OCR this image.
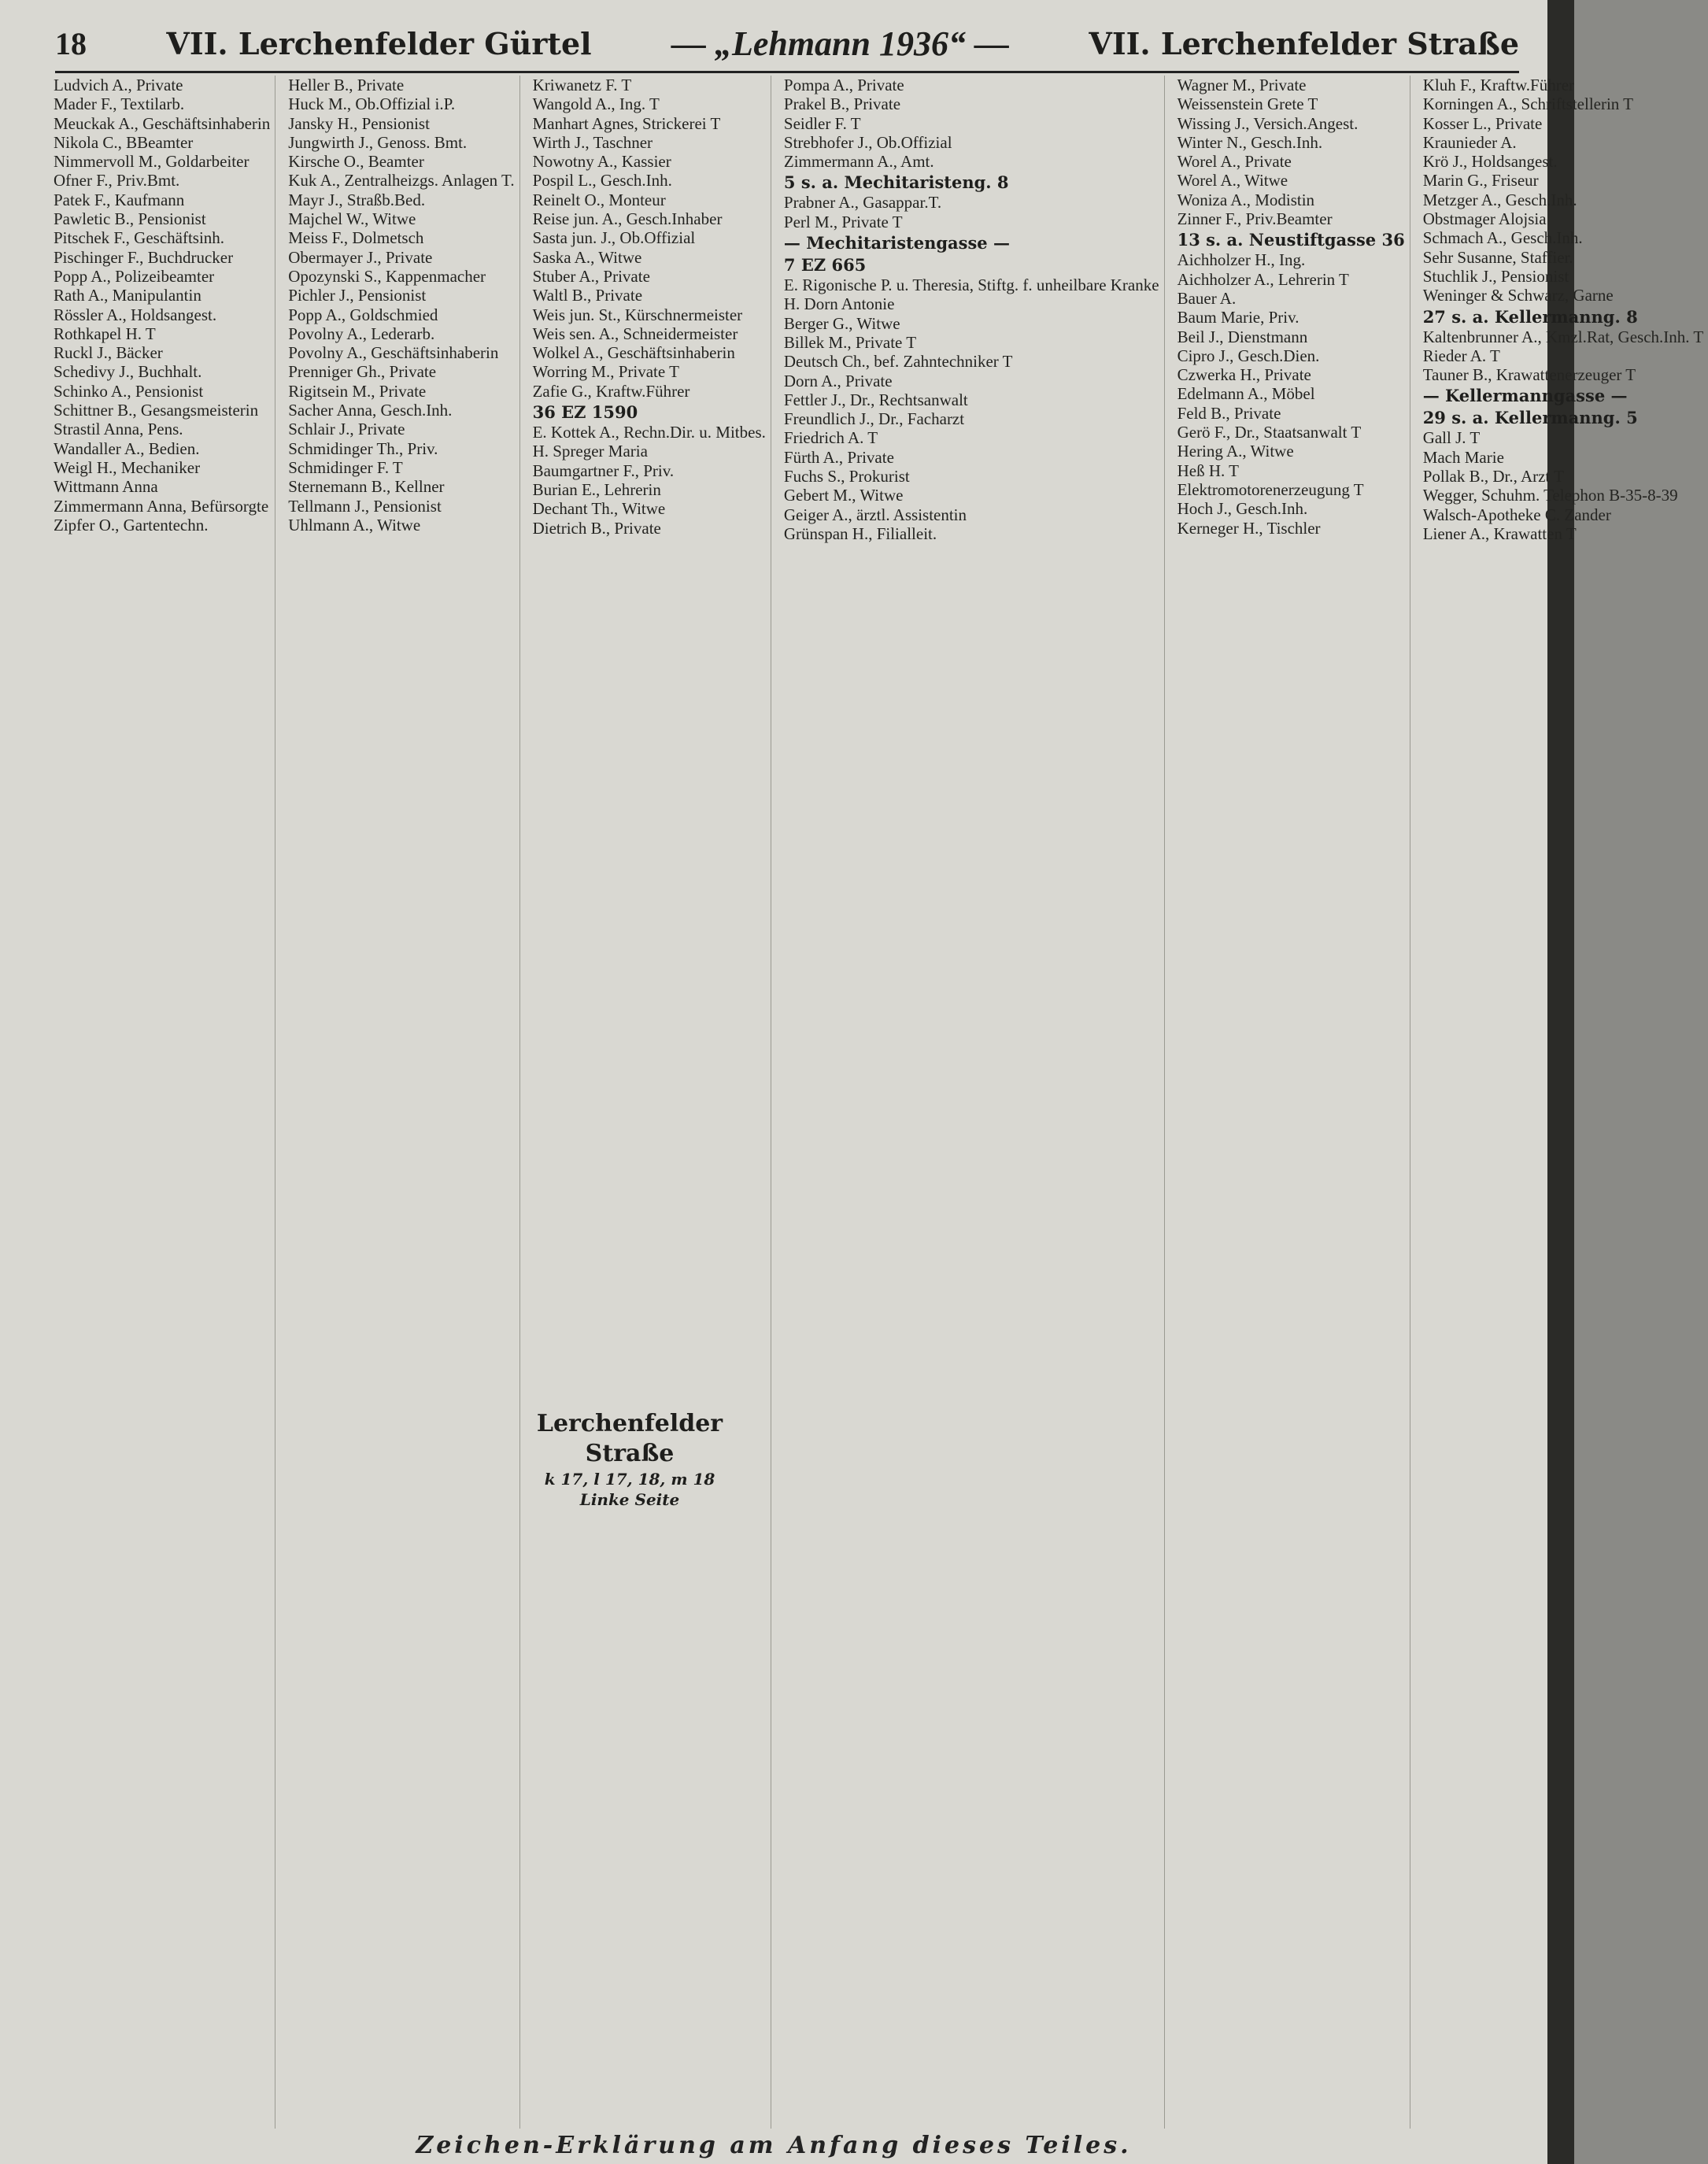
18	VII. Lerchenfelder Gürtel — „Lehmann 1936“ —	VII. Lerchenfelder Straße
Ludvich A., Private
Mader F., Textilarb.
Meuckak A., Geschäftsinhaberin
Nikola C., BBeamter
Nimmervoll M., Goldarbeiter
Ofner F., Priv.Bmt.
Patek F., Kaufmann
Pawletic B., Pensionist
Pitschek F., Geschäftsinh.
Pischinger F., Buchdrucker
Popp A., Polizeibeamter
Rath A., Manipulantin
Rössler A., Holdsangest.
Rothkapel H. T
Ruckl J., Bäcker
Schedivy J., Buchhalt.
Schinko A., Pensionist
Schittner B., Gesangsmeisterin
Strastil Anna, Pens.
Wandaller A., Bedien.
Weigl H., Mechaniker
Wittmann Anna
Zimmermann Anna, Befürsorgte
Zipfer O., Gartentechn.
Heller B., Private
Huck M., Ob.Offizial i.P.
Jansky H., Pensionist
Jungwirth J., Genoss. Bmt.
Kirsche O., Beamter
Kuk A., Zentralheizgs. Anlagen T.
Mayr J., Straßb.Bed.
Majchel W., Witwe
Meiss F., Dolmetsch
Obermayer J., Private
Opozynski S., Kappenmacher
Pichler J., Pensionist
Popp A., Goldschmied
Povolny A., Lederarb.
Povolny A., Geschäftsinhaberin
Prenniger Gh., Private
Rigitsein M., Private
Sacher Anna, Gesch.Inh.
Schlair J., Private
Schmidinger Th., Priv.
Schmidinger F. T
Sternemann B., Kellner
Tellmann J., Pensionist
Uhlmann A., Witwe
Kriwanetz F. T
Wangold A., Ing. T
Manhart Agnes, Strickerei T
Wirth J., Taschner
Nowotny A., Kassier
Pospil L., Gesch.Inh.
Reinelt O., Monteur
Reise jun. A., Gesch.Inhaber
Sasta jun. J., Ob.Offizial
Saska A., Witwe
Stuber A., Private
Waltl B., Private
Weis jun. St., Kürschnermeister
Weis sen. A., Schneidermeister
Wolkel A., Geschäftsinhaberin
Worring M., Private T
Zafie G., Kraftw.Führer
36 EZ 1590
E. Kottek A., Rechn.Dir. u. Mitbes.
H. Spreger Maria
Baumgartner F., Priv.
Burian E., Lehrerin
Dechant Th., Witwe
Dietrich B., Private
Pompa A., Private
Prakel B., Private
Seidler F. T
Strebhofer J., Ob.Offizial
Zimmermann A., Amt.
5 s. a. Mechitaristeng. 8
Prabner A., Gasappar.T.
Perl M., Private T
— Mechitaristengasse —
7 EZ 665
E. Rigonische P. u. Theresia, Stiftg. f. unheilbare Kranke
H. Dorn Antonie
Berger G., Witwe
Billek M., Private T
Deutsch Ch., bef. Zahntechniker T
Dorn A., Private
Fettler J., Dr., Rechtsanwalt
Freundlich J., Dr., Facharzt
Friedrich A. T
Fürth A., Private
Fuchs S., Prokurist
Gebert M., Witwe
Geiger A., ärztl. Assistentin
Grünspan H., Filialleit.
Wagner M., Private
Weissenstein Grete T
Wissing J., Versich.Angest.
Winter N., Gesch.Inh.
Worel A., Private
Worel A., Witwe
Woniza A., Modistin
Zinner F., Priv.Beamter
13 s. a. Neustiftgasse 36
Aichholzer H., Ing.
Aichholzer A., Lehrerin T
Bauer A.
Baum Marie, Priv.
Beil J., Dienstmann
Cipro J., Gesch.Dien.
Czwerka H., Private
Edelmann A., Möbel
Feld B., Private
Gerö F., Dr., Staatsanwalt T
Hering A., Witwe
Heß H. T
Elektromotorenerzeugung T
Hoch J., Gesch.Inh.
Kerneger H., Tischler
Kluh F., Kraftw.Führer
Korningen A., Schriftstellerin T
Kosser L., Private
Kraunieder A.
Krö J., Holdsangest.
Marin G., Friseur
Metzger A., Gesch.Inh.
Obstmager Alojsia
Schmach A., Gesch.Inh.
Sehr Susanne, Staffier.
Stuchlik J., Pensionist
Weninger & Schwarz, Garne
27 s. a. Kellermanng. 8
Kaltenbrunner A., Kmzl.Rat, Gesch.Inh. T
Rieder A. T
Tauner B., Krawattenerzeuger T
— Kellermanngasse —
29 s. a. Kellermanng. 5
Gall J. T
Mach Marie
Pollak B., Dr., Arzt T
Wegger, Schuhm. Telephon B-35-8-39
Walsch-Apotheke C. Zander
Liener A., Krawatten T
Lerchenfelder Straße
k 17, l 17, 18, m 18
Linke Seite
Zeichen-Erklärung am Anfang dieses Teiles.
